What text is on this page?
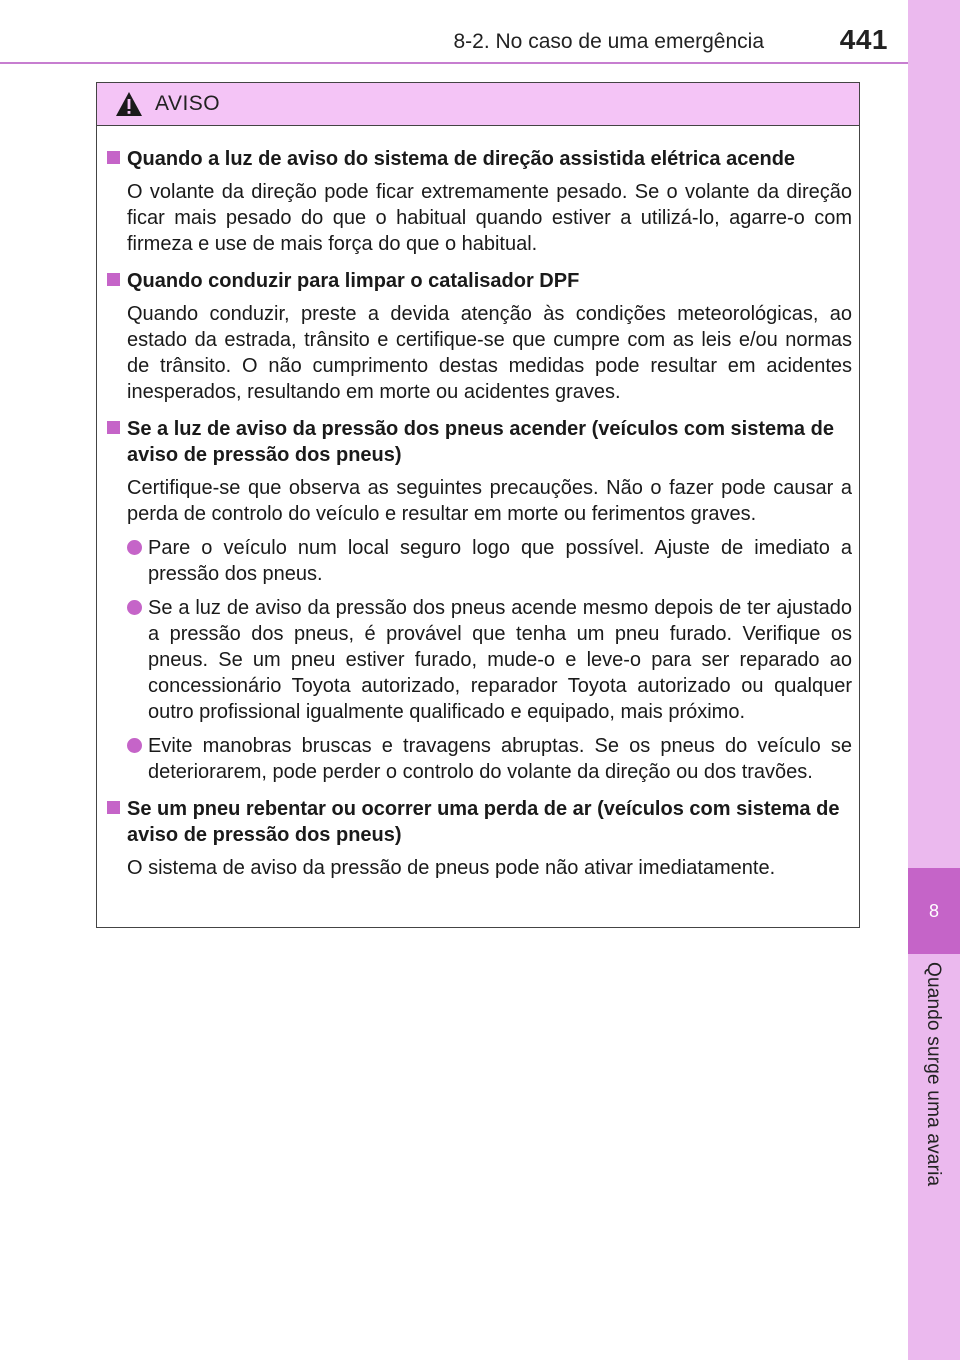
8-2. No caso de uma emergência	441
8
Quando surge uma avaria
AVISO
Quando a luz de aviso do sistema de direção assistida elétrica acende
O volante da direção pode ficar extremamente pesado. Se o volante da direção ficar mais pesado do que o habitual quando estiver a utilizá-lo, agarre-o com firmeza e use de mais força do que o habitual.
Quando conduzir para limpar o catalisador DPF
Quando conduzir, preste a devida atenção às condições meteorológicas, ao estado da estrada, trânsito e certifique-se que cumpre com as leis e/ou normas de trânsito. O não cumprimento destas medidas pode resultar em acidentes inesperados, resultando em morte ou acidentes graves.
Se a luz de aviso da pressão dos pneus acender (veículos com sistema de aviso de pressão dos pneus)
Certifique-se que observa as seguintes precauções. Não o fazer pode causar a perda de controlo do veículo e resultar em morte ou ferimentos graves.
Pare o veículo num local seguro logo que possível. Ajuste de imediato a pressão dos pneus.
Se a luz de aviso da pressão dos pneus acende mesmo depois de ter ajustado a pressão dos pneus, é provável que tenha um pneu furado. Verifique os pneus. Se um pneu estiver furado, mude-o e leve-o para ser reparado ao concessionário Toyota autorizado, reparador Toyota autorizado ou qualquer outro profissional igualmente qualificado e equipado, mais próximo.
Evite manobras bruscas e travagens abruptas. Se os pneus do veículo se deteriorarem, pode perder o controlo do volante da direção ou dos travões.
Se um pneu rebentar ou ocorrer uma perda de ar (veículos com sistema de aviso de pressão dos pneus)
O sistema de aviso da pressão de pneus pode não ativar imediatamente.
